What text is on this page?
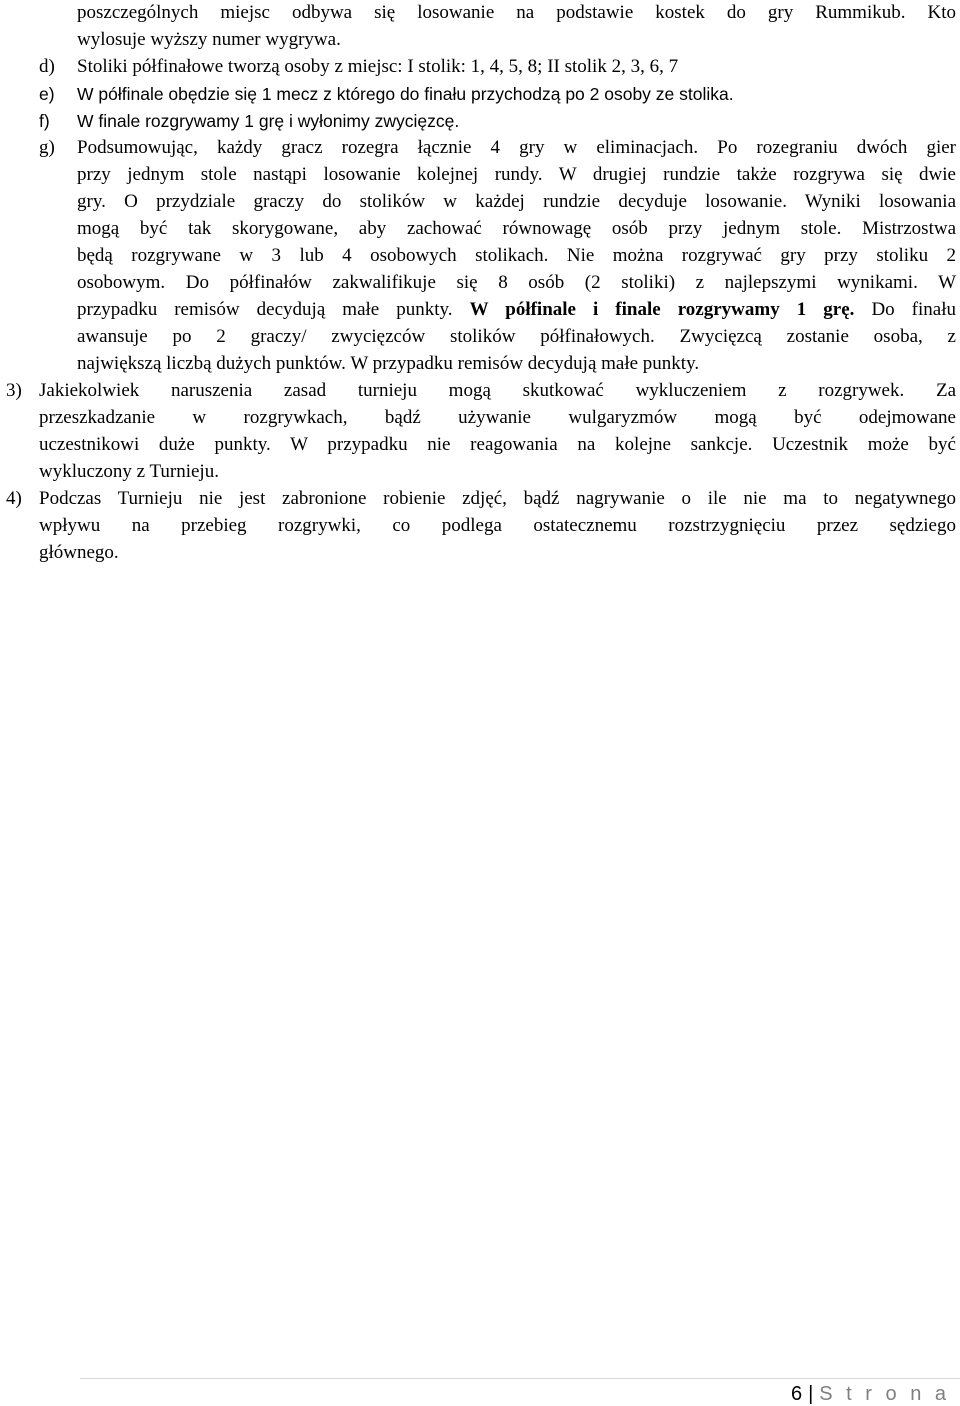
poszczególnych miejsc odbywa się losowanie na podstawie kostek do gry Rummikub. Kto
wylosuje wyższy numer wygrywa.
d) Stoliki półfinałowe tworzą osoby z miejsc: I stolik: 1, 4, 5, 8; II stolik 2, 3, 6, 7
e) W półfinale obędzie się 1 mecz z którego do finału przychodzą po 2 osoby ze stolika.
f) W finale rozgrywamy 1 grę i wyłonimy zwycięzcę.
g) Podsumowując, każdy gracz rozegra łącznie 4 gry w eliminacjach. Po rozegraniu dwóch gier
przy jednym stole nastąpi losowanie kolejnej rundy. W drugiej rundzie także rozgrywa się dwie
gry. O przydziale graczy do stolików w każdej rundzie decyduje losowanie. Wyniki losowania
mogą być tak skorygowane, aby zachować równowagę osób przy jednym stole. Mistrzostwa
będą rozgrywane w 3 lub 4 osobowych stolikach. Nie można rozgrywać gry przy stoliku 2
osobowym. Do półfinałów zakwalifikuje się 8 osób (2 stoliki) z najlepszymi wynikami. W
przypadku remisów decydują małe punkty. W półfinale i finale rozgrywamy 1 grę. Do finału
awansuje po 2 graczy/ zwycięzców stolików półfinałowych. Zwycięzcą zostanie osoba, z
największą liczbą dużych punktów. W przypadku remisów decydują małe punkty.
3) Jakiekolwiek naruszenia zasad turnieju mogą skutkować wykluczeniem z rozgrywek. Za
przeszkadzanie w rozgrywkach, bądź używanie wulgaryzmów mogą być odejmowane
uczestnikowi duże punkty. W przypadku nie reagowania na kolejne sankcje. Uczestnik może być
wykluczony z Turnieju.
4) Podczas Turnieju nie jest zabronione robienie zdjęć, bądź nagrywanie o ile nie ma to negatywnego
wpływu na przebieg rozgrywki, co podlega ostatecznemu rozstrzygnięciu przez sędziego
głównego.
6 | S t r o n a
